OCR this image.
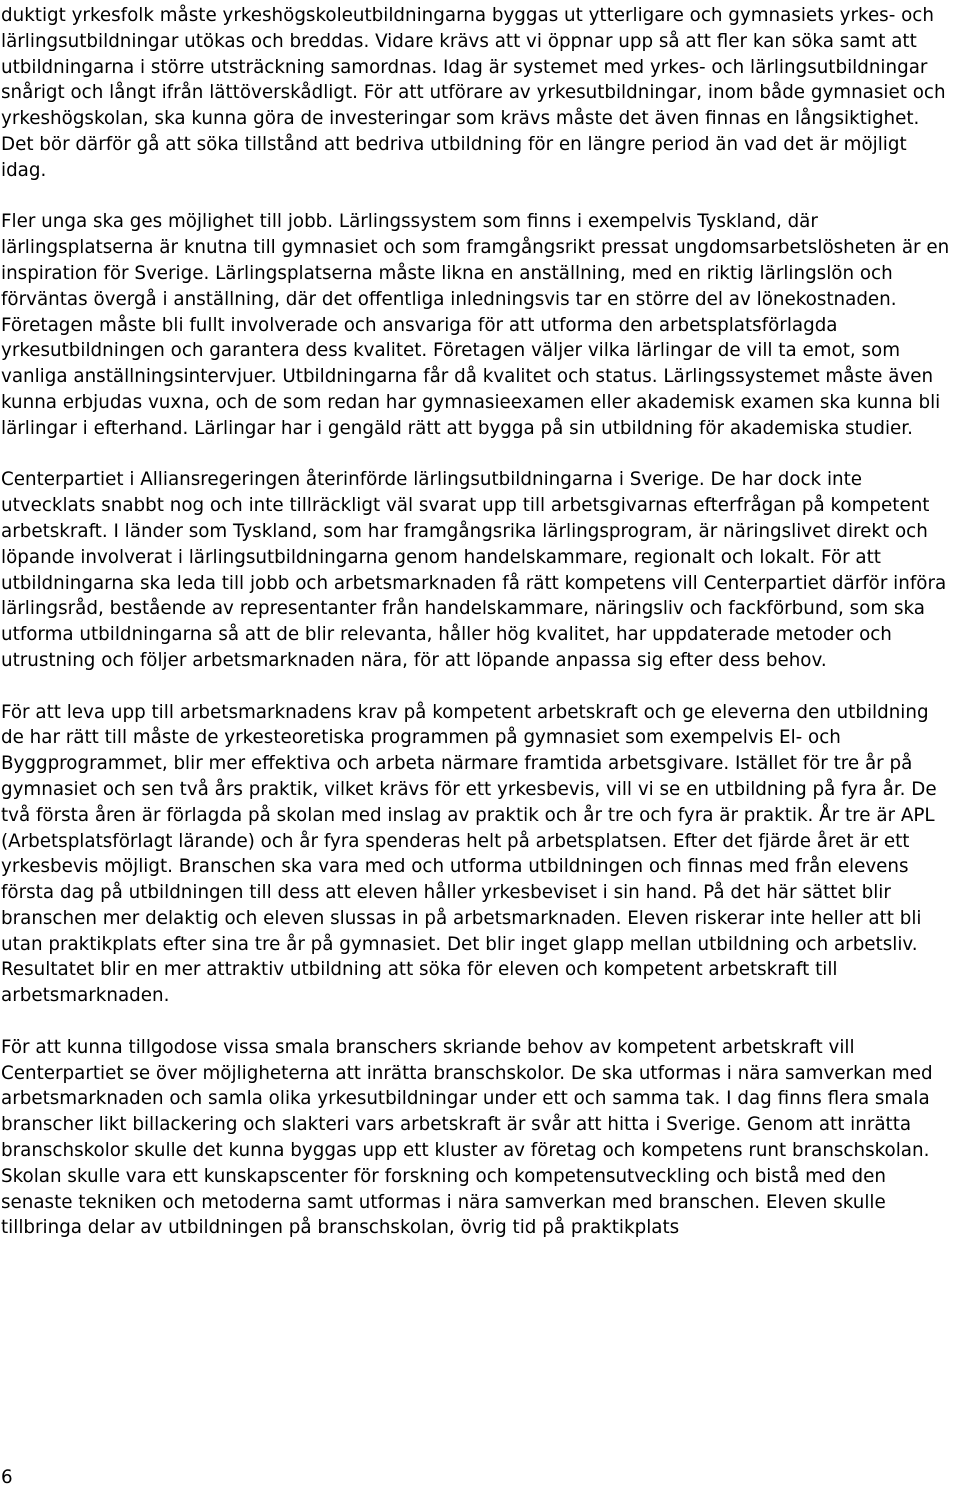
duktigt yrkesfolk måste yrkeshögskoleutbildningarna byggas ut ytterligare och gymnasiets yrkes- och lärlingsutbildningar utökas och breddas. Vidare krävs att vi öppnar upp så att fler kan söka samt att utbildningarna i större utsträckning samordnas. Idag är systemet med yrkes- och lärlingsutbildningar snårigt och långt ifrån lättöverskådligt. För att utförare av yrkesutbildningar, inom både gymnasiet och yrkeshögskolan, ska kunna göra de investeringar som krävs måste det även finnas en långsiktighet. Det bör därför gå att söka tillstånd att bedriva utbildning för en längre period än vad det är möjligt idag.

Fler unga ska ges möjlighet till jobb. Lärlingssystem som finns i exempelvis Tyskland, där lärlingsplatserna är knutna till gymnasiet och som framgångsrikt pressat ungdomsarbetslösheten är en inspiration för Sverige. Lärlingsplatserna måste likna en anställning, med en riktig lärlingslön och förväntas övergå i anställning, där det offentliga inledningsvis tar en större del av lönekostnaden. Företagen måste bli fullt involverade och ansvariga för att utforma den arbetsplatsförlagda yrkesutbildningen och garantera dess kvalitet. Företagen väljer vilka lärlingar de vill ta emot, som vanliga anställningsintervjuer. Utbildningarna får då kvalitet och status. Lärlingssystemet måste även kunna erbjudas vuxna, och de som redan har gymnasieexamen eller akademisk examen ska kunna bli lärlingar i efterhand. Lärlingar har i gengäld rätt att bygga på sin utbildning för akademiska studier.

Centerpartiet i Alliansregeringen återinförde lärlingsutbildningarna i Sverige. De har dock inte utvecklats snabbt nog och inte tillräckligt väl svarat upp till arbetsgivarnas efterfrågan på kompetent arbetskraft. I länder som Tyskland, som har framgångsrika lärlingsprogram, är näringslivet direkt och löpande involverat i lärlingsutbildningarna genom handelskammare, regionalt och lokalt. För att utbildningarna ska leda till jobb och arbetsmarknaden få rätt kompetens vill Centerpartiet därför införa lärlingsråd, bestående av representanter från handelskammare, näringsliv och fackförbund, som ska utforma utbildningarna så att de blir relevanta, håller hög kvalitet, har uppdaterade metoder och utrustning och följer arbetsmarknaden nära, för att löpande anpassa sig efter dess behov.

För att leva upp till arbetsmarknadens krav på kompetent arbetskraft och ge eleverna den utbildning de har rätt till måste de yrkesteoretiska programmen på gymnasiet som exempelvis El- och Byggprogrammet, blir mer effektiva och arbeta närmare framtida arbetsgivare. Istället för tre år på gymnasiet och sen två års praktik, vilket krävs för ett yrkesbevis, vill vi se en utbildning på fyra år. De två första åren är förlagda på skolan med inslag av praktik och år tre och fyra är praktik. År tre är APL (Arbetsplatsförlagt lärande) och år fyra spenderas helt på arbetsplatsen. Efter det fjärde året är ett yrkesbevis möjligt. Branschen ska vara med och utforma utbildningen och finnas med från elevens första dag på utbildningen till dess att eleven håller yrkesbeviset i sin hand. På det här sättet blir branschen mer delaktig och eleven slussas in på arbetsmarknaden. Eleven riskerar inte heller att bli utan praktikplats efter sina tre år på gymnasiet. Det blir inget glapp mellan utbildning och arbetsliv. Resultatet blir en mer attraktiv utbildning att söka för eleven och kompetent arbetskraft till arbetsmarknaden.

För att kunna tillgodose vissa smala branschers skriande behov av kompetent arbetskraft vill Centerpartiet se över möjligheterna att inrätta branschskolor. De ska utformas i nära samverkan med arbetsmarknaden och samla olika yrkesutbildningar under ett och samma tak. I dag finns flera smala branscher likt billackering och slakteri vars arbetskraft är svår att hitta i Sverige. Genom att inrätta branschskolor skulle det kunna byggas upp ett kluster av företag och kompetens runt branschskolan. Skolan skulle vara ett kunskapscenter för forskning och kompetensutveckling och bistå med den senaste tekniken och metoderna samt utformas i nära samverkan med branschen. Eleven skulle tillbringa delar av utbildningen på branschskolan, övrig tid på praktikplats

6
